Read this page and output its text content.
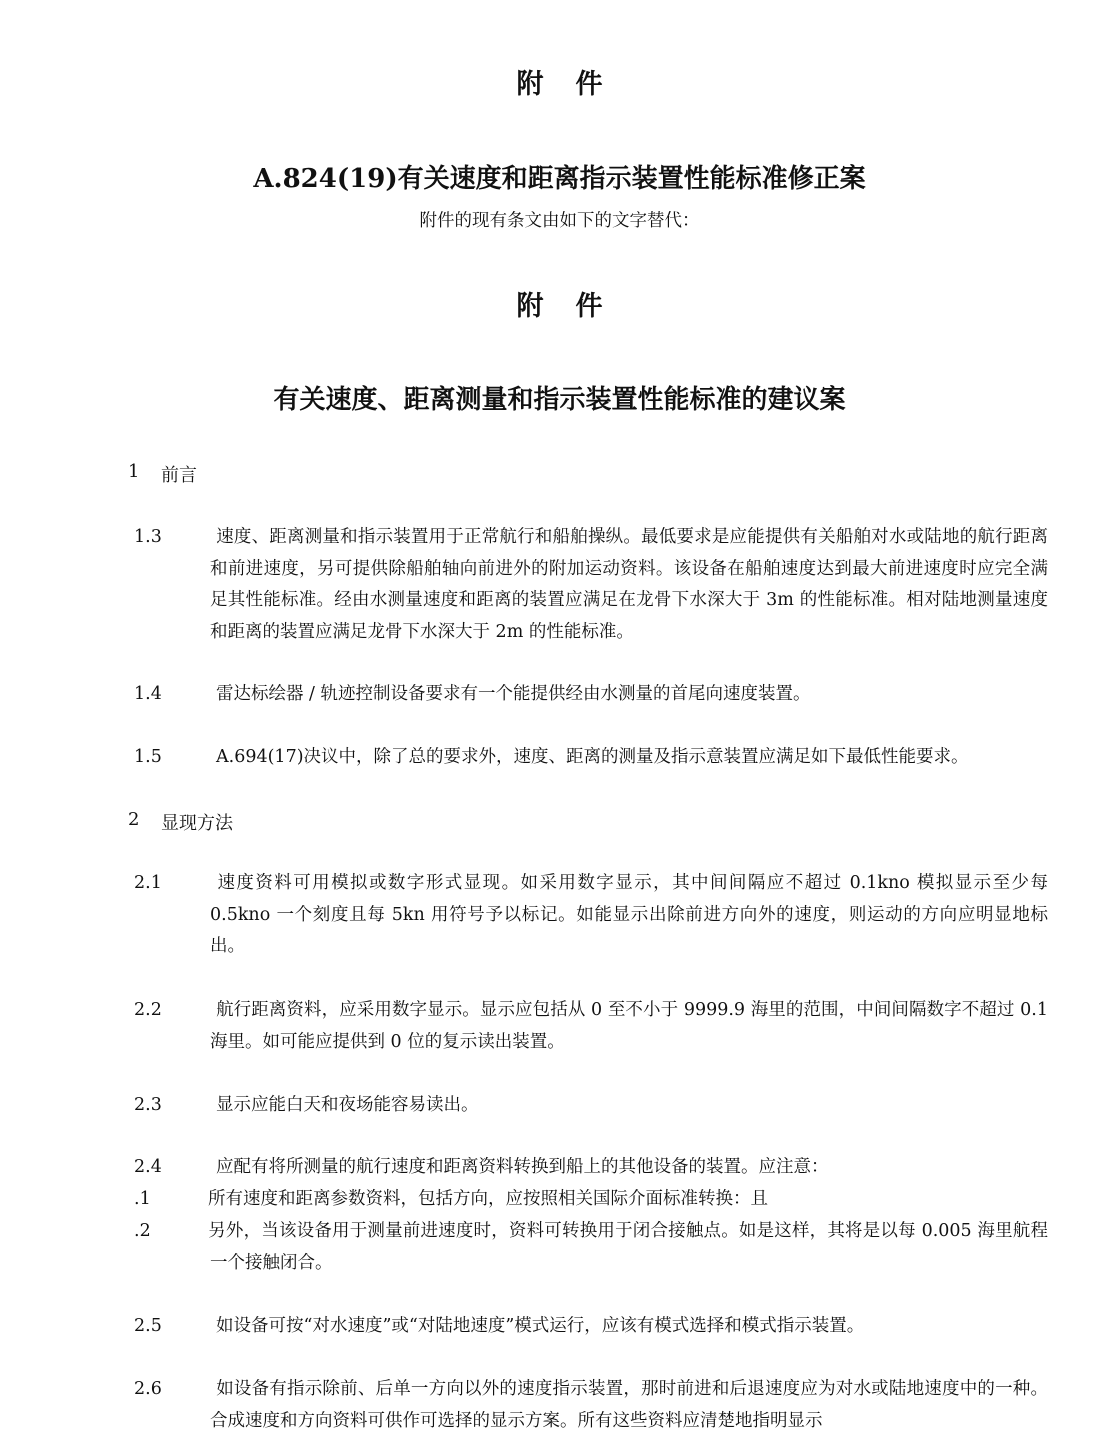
附件
A.824(19)有关速度和距离指示装置性能标准修正案
附件的现有条文由如下的文字替代：
附件
有关速度、距离测量和指示装置性能标准的建议案
1 前言
1.3	速度、距离测量和指示装置用于正常航行和船舶操纵。最低要求是应能提供有关船舶对水或陆地的航行距离和前进速度，另可提供除船舶轴向前进外的附加运动资料。该设备在船舶速度达到最大前进速度时应完全满足其性能标准。经由水测量速度和距离的装置应满足在龙骨下水深大于 3m 的性能标准。相对陆地测量速度和距离的装置应满足龙骨下水深大于 2m 的性能标准。
1.4	雷达标绘器 / 轨迹控制设备要求有一个能提供经由水测量的首尾向速度装置。
1.5	A.694(17)决议中，除了总的要求外，速度、距离的测量及指示意装置应满足如下最低性能要求。
2 显现方法
2.1	速度资料可用模拟或数字形式显现。如采用数字显示，其中间间隔应不超过 0.1kno 模拟显示至少每 0.5kno 一个刻度且每 5kn 用符号予以标记。如能显示出除前进方向外的速度，则运动的方向应明显地标出。
2.2	航行距离资料，应采用数字显示。显示应包括从 0 至不小于 9999.9 海里的范围，中间间隔数字不超过 0.1 海里。如可能应提供到 0 位的复示读出装置。
2.3	显示应能白天和夜场能容易读出。
2.4	应配有将所测量的航行速度和距离资料转换到船上的其他设备的装置。应注意：
.1	所有速度和距离参数资料，包括方向，应按照相关国际介面标准转换：且
.2	另外，当该设备用于测量前进速度时，资料可转换用于闭合接触点。如是这样，其将是以每 0.005 海里航程一个接触闭合。
2.5	如设备可按“对水速度”或“对陆地速度”模式运行，应该有模式选择和模式指示装置。
2.6	如设备有指示除前、后单一方向以外的速度指示装置，那时前进和后退速度应为对水或陆地速度中的一种。合成速度和方向资料可供作可选择的显示方案。所有这些资料应清楚地指明显示
